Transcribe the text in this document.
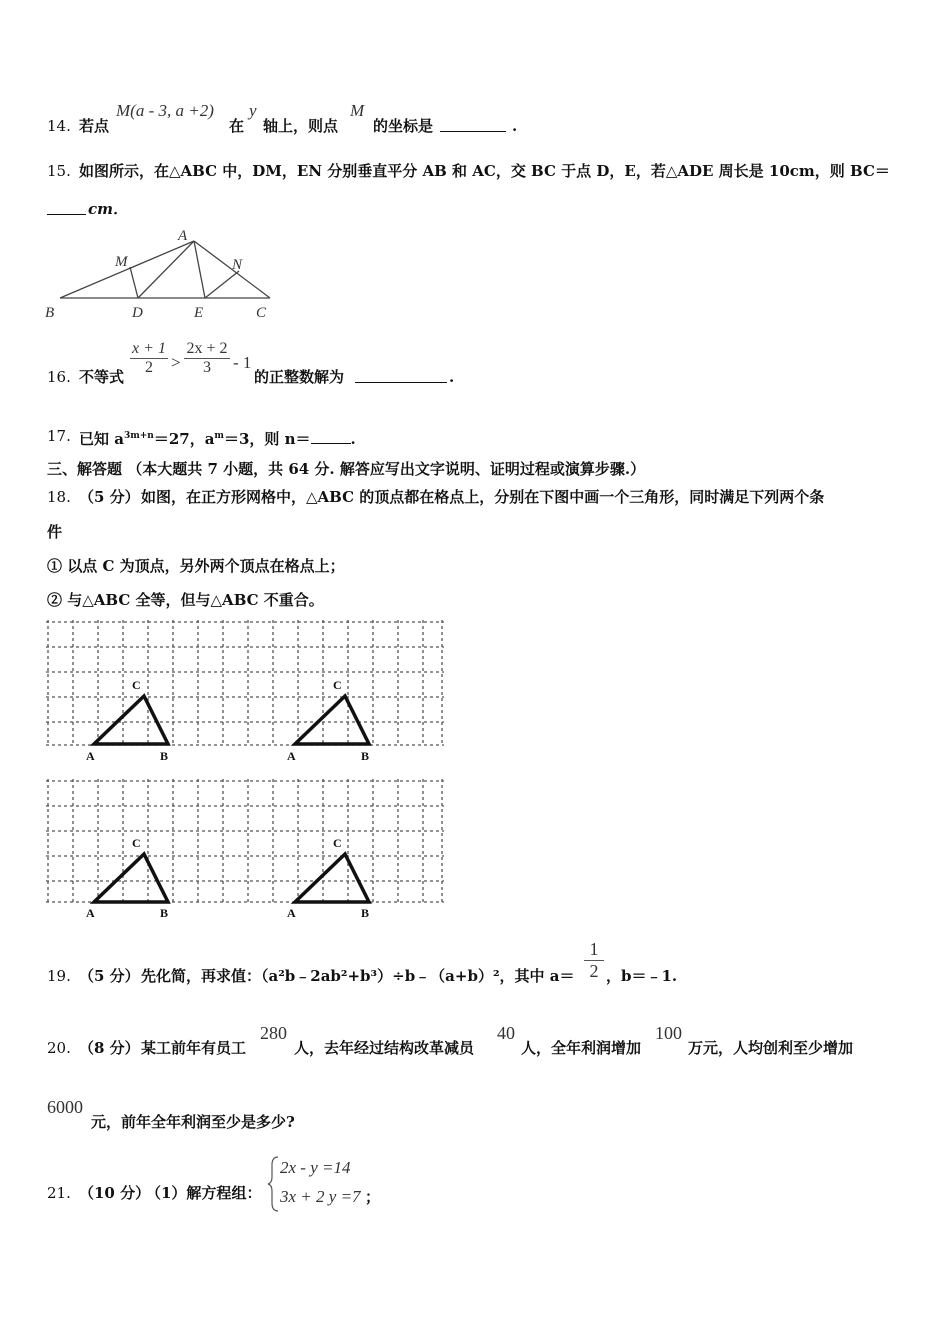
14. 若点
M(a - 3, a +2)
在
y
轴上，则点
M
的坐标是	.
15. 如图所示，在△ABC 中，DM，EN 分别垂直平分 AB 和 AC，交 BC 于点 D，E，若△ADE 周长是 10cm，则 BC＝
cm．
A
M	N
B	D	E	C
16. 不等式 $\frac{x + 1}{2} > \frac{2x + 2}{3} - 1$
的正整数解为	.
17. 已知 $a^{3m+n}=27$，$a^m=3$，则 n＝	.
三、解答题 （本大题共 7 小题，共 64 分. 解答应写出文字说明、证明过程或演算步骤.）
18. （5 分） 如图，在正方形网格中，△ABC 的顶点都在格点上，分别在下图中画一个三角形，同时满足下列两个条
件
① 以点 C 为顶点，另外两个顶点在格点上；
② 与△ABC 全等，但与△ABC 不重合。
C
A	B
C
A	B
C
A	B
C
A	B
19. （5 分） 先化简，再求值：（a²b﹣2ab²+b³）÷b﹣（a+b）²，其中 $a= \frac{1}{2}$ ，b＝﹣1.
20. （8 分） 某工前年有员工
280
人，去年经过结构改革减员
40
人，全年利润增加
100
万元，人均创利至少增加
6000
元，前年全年利润至少是多少?
21. （10 分）
（1）解方程组：
2x - y =14
3x + 2 y =7 ；
